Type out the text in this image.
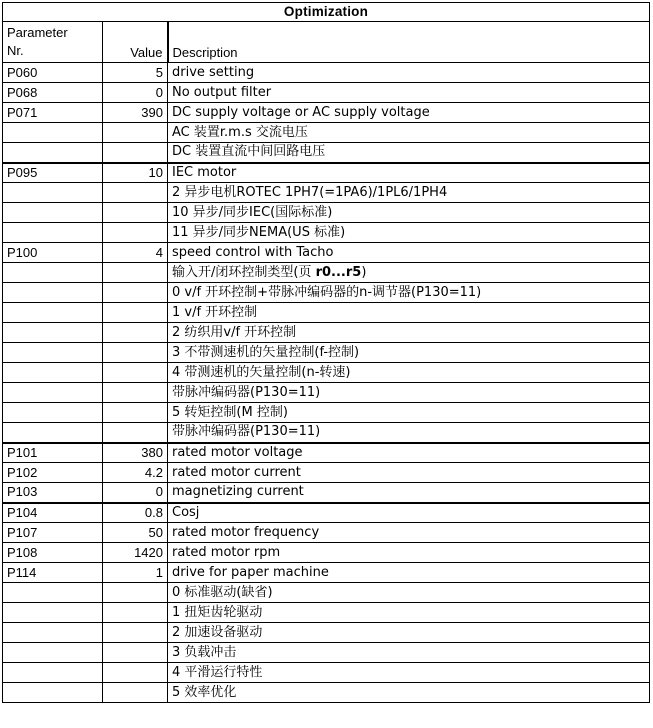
Optimization		
Parameter
Nr.	Value	Description
P060	5	drive setting
P068	0	No output filter
P071	390	DC supply voltage or AC supply voltage
		AC 装置r.m.s 交流电压
		DC 装置直流中间回路电压
P095	10	IEC motor
		2 异步电机ROTEC 1PH7(=1PA6)/1PL6/1PH4
		10 异步/同步IEC(国际标准)
		11 异步/同步NEMA(US 标准)
P100	4	speed control with Tacho
		输入开/闭环控制类型(页 r0...r5)
		0 v/f 开环控制+带脉冲编码器的n-调节器(P130=11)
		1 v/f 开环控制
		2 纺织用v/f 开环控制
		3 不带测速机的矢量控制(f-控制)
		4 带测速机的矢量控制(n-转速)
		带脉冲编码器(P130=11)
		5 转矩控制(M 控制)
		带脉冲编码器(P130=11)
P101	380	rated motor voltage
P102	4.2	rated motor current
P103	0	magnetizing current
P104	0.8	Cosj
P107	50	rated motor frequency
P108	1420	rated motor rpm
P114	1	drive for paper machine
		0 标准驱动(缺省)
		1 扭矩齿轮驱动
		2 加速设备驱动
		3 负载冲击
		4 平滑运行特性
		5 效率优化
